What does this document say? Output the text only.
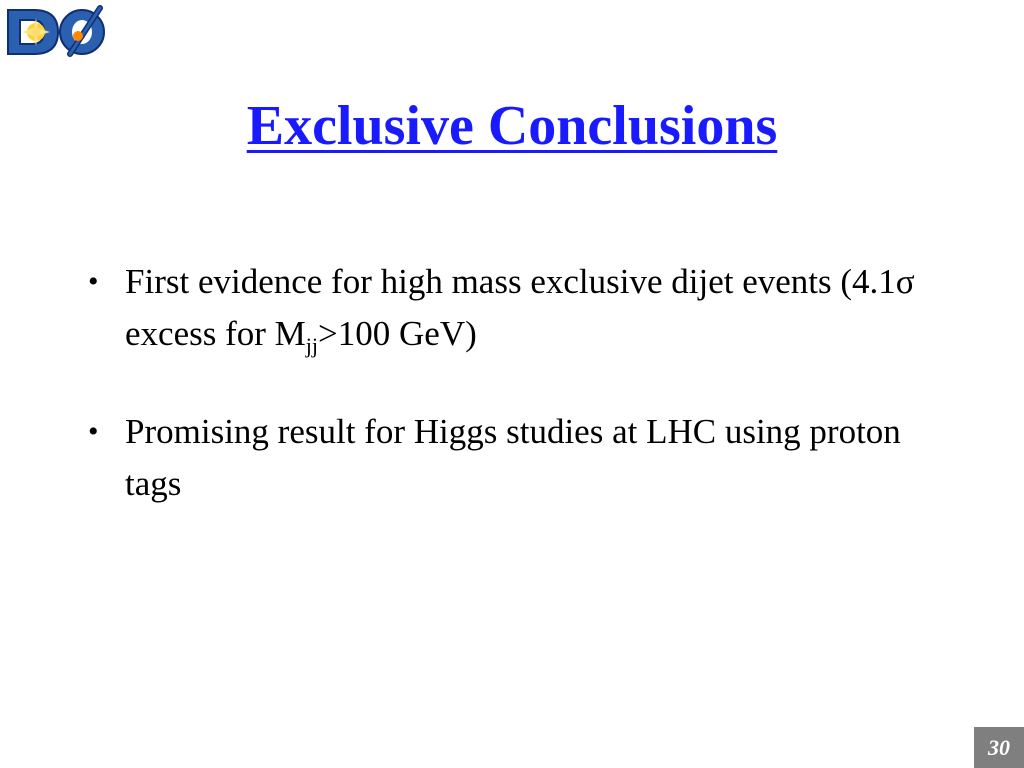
Exclusive Conclusions
• First evidence for high mass exclusive dijet events (4.1σ excess for $M_{jj}>100$ GeV)
• Promising result for Higgs studies at LHC using proton tags
30
